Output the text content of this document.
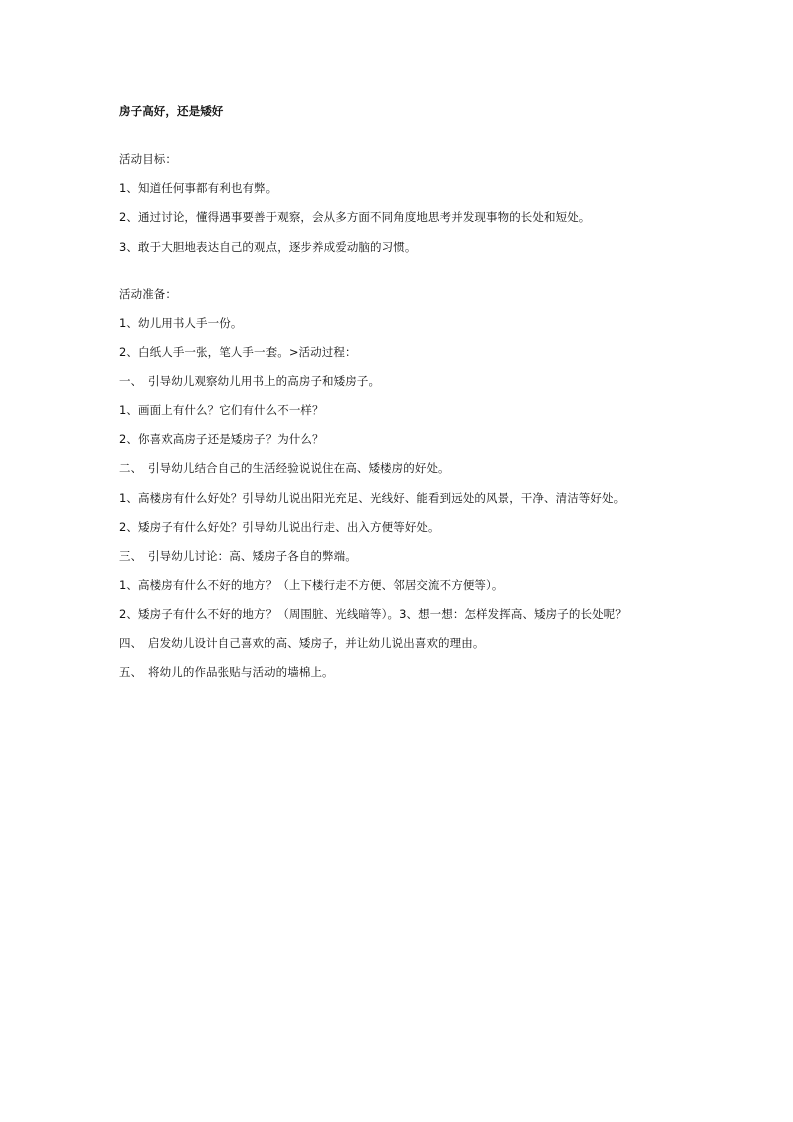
房子高好，还是矮好
活动目标：
1、知道任何事都有利也有弊。
2、通过讨论，懂得遇事要善于观察，会从多方面不同角度地思考并发现事物的长处和短处。
3、敢于大胆地表达自己的观点，逐步养成爱动脑的习惯。
活动准备：
1、幼儿用书人手一份。
2、白纸人手一张，笔人手一套。>活动过程：
一、　引导幼儿观察幼儿用书上的高房子和矮房子。
1、画面上有什么？它们有什么不一样？
2、你喜欢高房子还是矮房子？为什么？
二、　引导幼儿结合自己的生活经验说说住在高、矮楼房的好处。
1、高楼房有什么好处？引导幼儿说出阳光充足、光线好、能看到远处的风景，干净、清洁等好处。
2、矮房子有什么好处？引导幼儿说出行走、出入方便等好处。
三、　引导幼儿讨论：高、矮房子各自的弊端。
1、高楼房有什么不好的地方？（上下楼行走不方便、邻居交流不方便等）。
2、矮房子有什么不好的地方？（周围脏、光线暗等）。3、想一想：怎样发挥高、矮房子的长处呢？
四、　启发幼儿设计自己喜欢的高、矮房子，并让幼儿说出喜欢的理由。
五、　将幼儿的作品张贴与活动的墙棉上。
